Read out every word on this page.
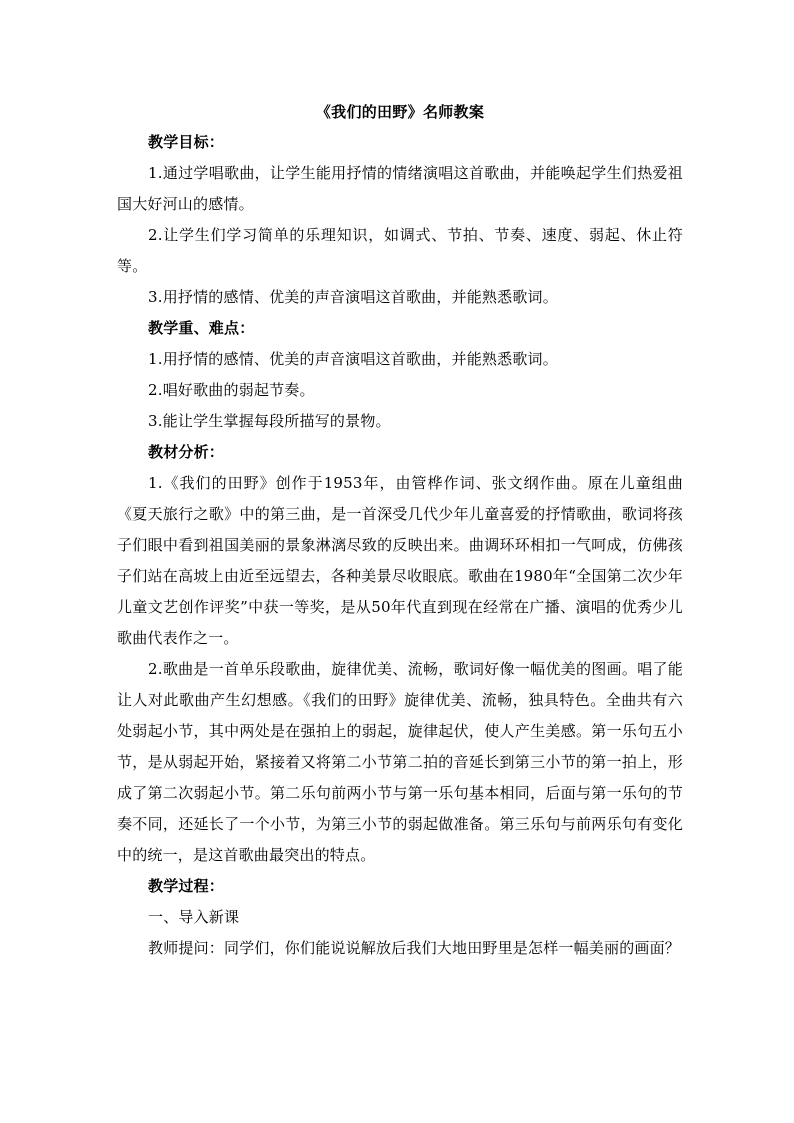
《我们的田野》名师教案

教学目标：

1.通过学唱歌曲，让学生能用抒情的情绪演唱这首歌曲，并能唤起学生们热爱祖国大好河山的感情。

2.让学生们学习简单的乐理知识，如调式、节拍、节奏、速度、弱起、休止符等。

3.用抒情的感情、优美的声音演唱这首歌曲，并能熟悉歌词。

教学重、难点：

1.用抒情的感情、优美的声音演唱这首歌曲，并能熟悉歌词。

2.唱好歌曲的弱起节奏。

3.能让学生掌握每段所描写的景物。

教材分析：

1.《我们的田野》创作于1953年，由管桦作词、张文纲作曲。原在儿童组曲《夏天旅行之歌》中的第三曲，是一首深受几代少年儿童喜爱的抒情歌曲，歌词将孩子们眼中看到祖国美丽的景象淋漓尽致的反映出来。曲调环环相扣一气呵成，仿佛孩子们站在高坡上由近至远望去，各种美景尽收眼底。歌曲在1980年“全国第二次少年儿童文艺创作评奖”中获一等奖，是从50年代直到现在经常在广播、演唱的优秀少儿歌曲代表作之一。

2.歌曲是一首单乐段歌曲，旋律优美、流畅，歌词好像一幅优美的图画。唱了能让人对此歌曲产生幻想感。《我们的田野》旋律优美、流畅，独具特色。全曲共有六处弱起小节，其中两处是在强拍上的弱起，旋律起伏，使人产生美感。第一乐句五小节，是从弱起开始，紧接着又将第二小节第二拍的音延长到第三小节的第一拍上，形成了第二次弱起小节。第二乐句前两小节与第一乐句基本相同，后面与第一乐句的节奏不同，还延长了一个小节，为第三小节的弱起做准备。第三乐句与前两乐句有变化中的统一，是这首歌曲最突出的特点。

教学过程：

一、导入新课

教师提问：同学们，你们能说说解放后我们大地田野里是怎样一幅美丽的画面？
